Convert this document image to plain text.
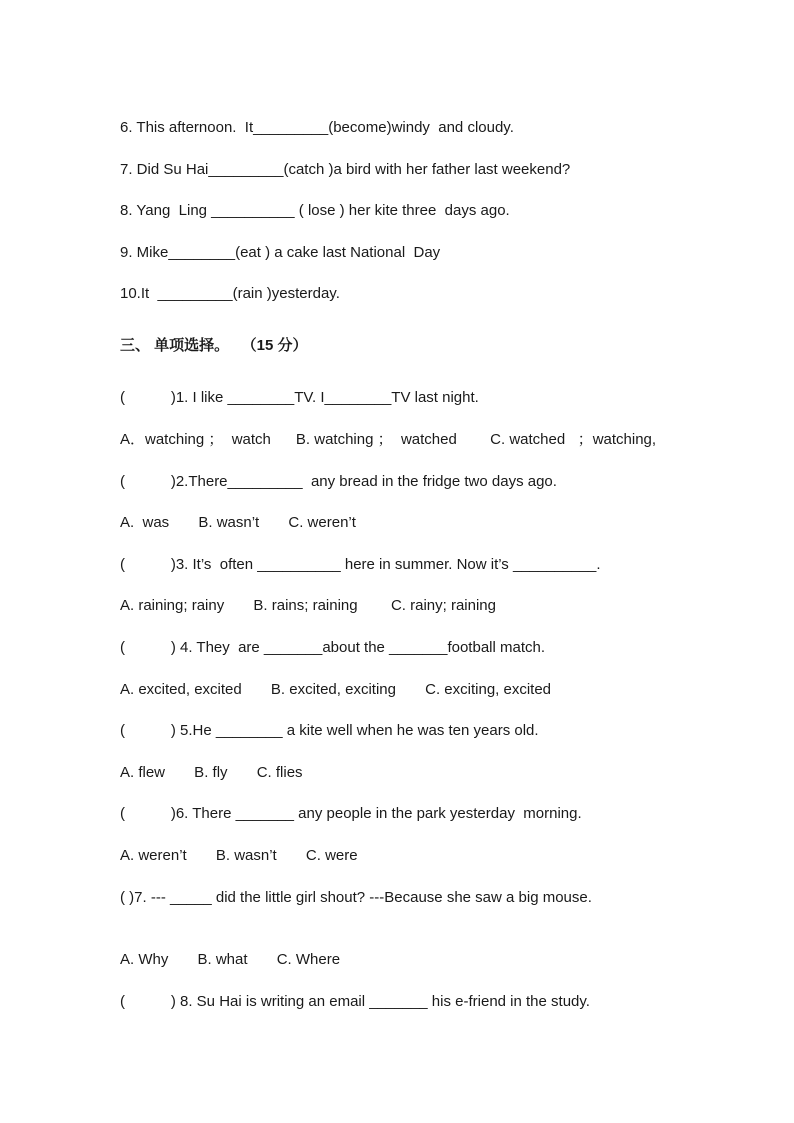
6. This afternoon.  It_________(become)windy  and cloudy.

7. Did Su Hai_________(catch )a bird with her father last weekend?

8. Yang  Ling __________ ( lose ) her kite three  days ago.

9. Mike________(eat ) a cake last National  Day

10.It  _________(rain )yesterday.

三、 单项选择。   （15 分）

(           )1. I like ________TV. I________TV last night.

A．watching ；  watch      B. watching ；  watched        C. watched   ；watching,

(           )2.There_________  any bread in the fridge two days ago.

A.  was       B. wasn’t       C. weren’t

(           )3. It’s  often __________ here in summer. Now it’s __________.

A. raining; rainy       B. rains; raining        C. rainy; raining

(           ) 4. They  are _______about the _______football match.

A. excited, excited       B. excited, exciting       C. exciting, excited

(           ) 5.He ________ a kite well when he was ten years old.

A. flew       B. fly       C. flies

(           )6. There _______ any people in the park yesterday  morning.

A. weren’t       B. wasn’t       C. were

( )7. --- _____ did the little girl shout? ---Because she saw a big mouse.

A. Why       B. what       C. Where

(           ) 8. Su Hai is writing an email _______ his e-friend in the study.
